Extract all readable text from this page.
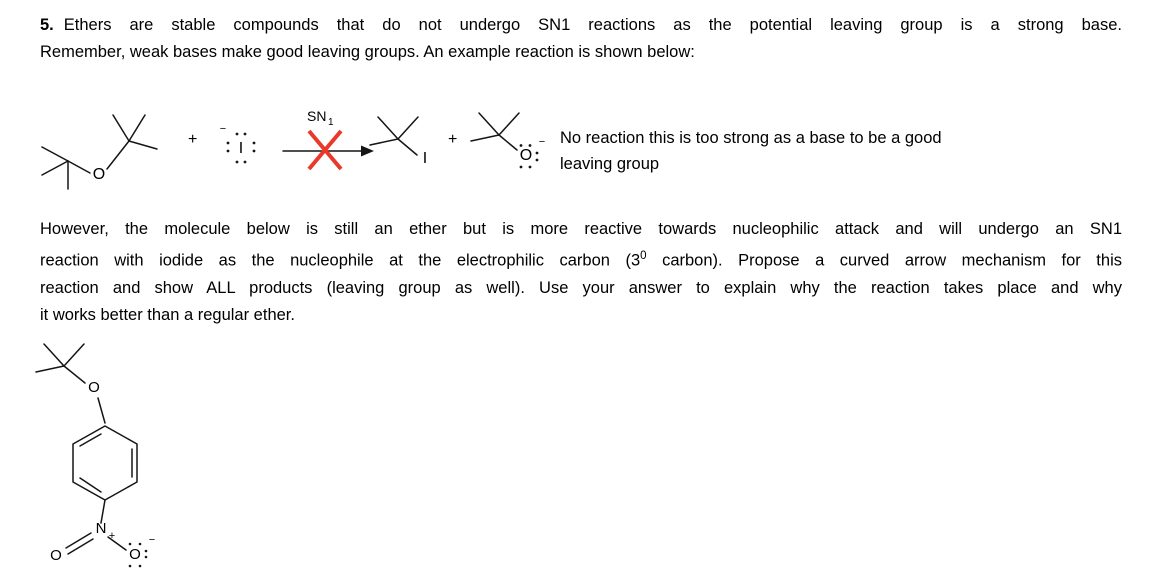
5. Ethers are stable compounds that do not undergo SN1 reactions as the potential leaving group is a strong base.
Remember, weak bases make good leaving groups. An example reaction is shown below:
O
+
−
I
SN 1
I
+
O
− No reaction this is too strong as a base to be a good
leaving group
However, the molecule below is still an ether but is more reactive towards nucleophilic attack and will undergo an SN1
reaction with iodide as the nucleophile at the electrophilic carbon ($3^0$ carbon). Propose a curved arrow mechanism for this
reaction and show ALL products (leaving group as well). Use your answer to explain why the reaction takes place and why
it works better than a regular ether.
O
N +
O	O
−
